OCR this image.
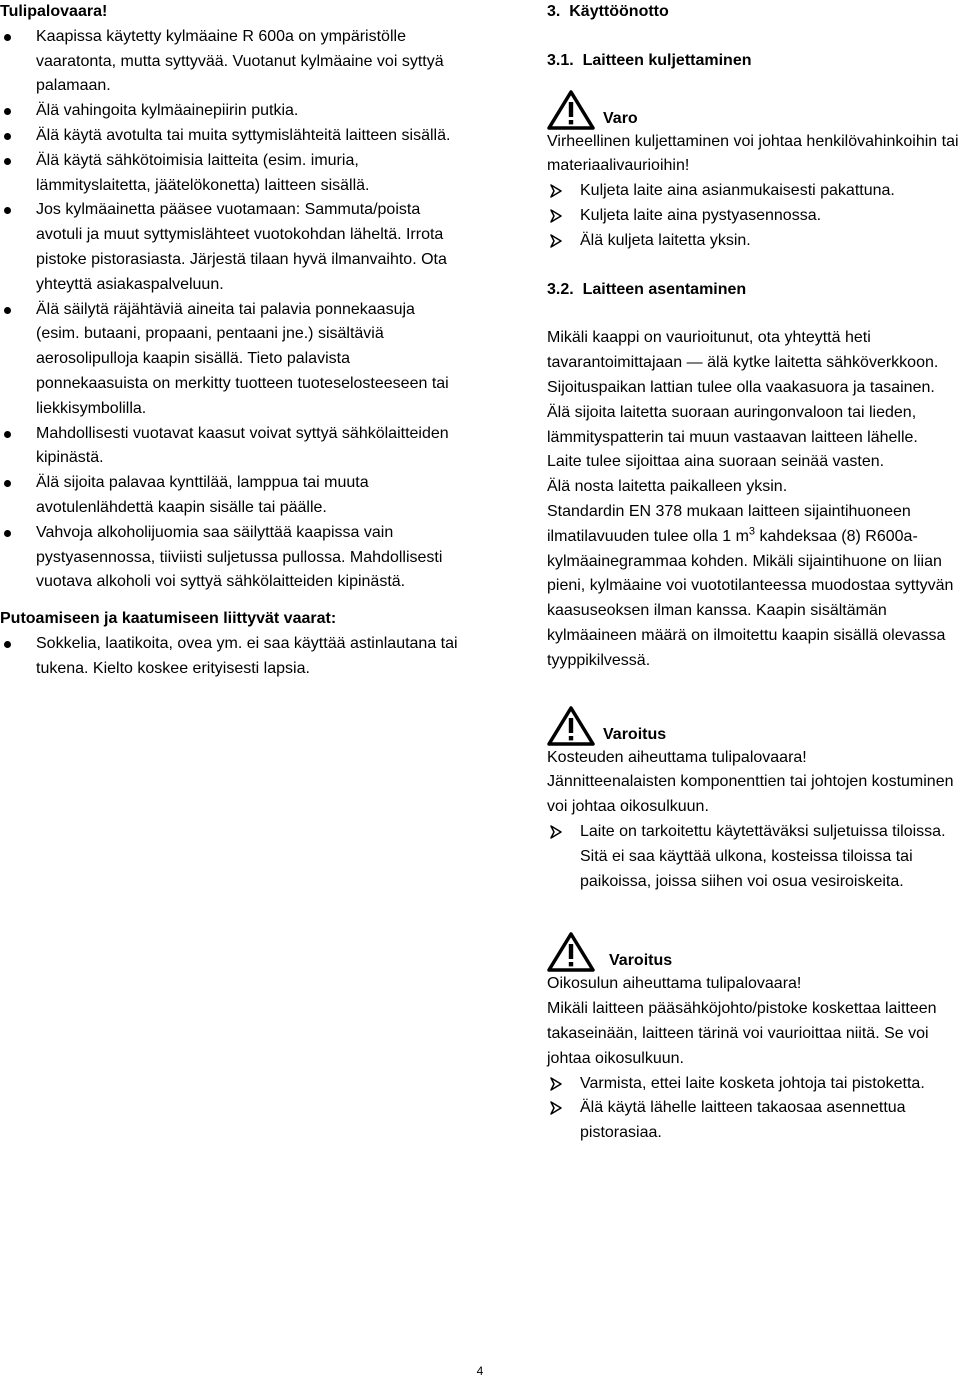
Tulipalovaara!

Kaapissa käytetty kylmäaine R 600a on ympäristölle vaaratonta, mutta syttyvää. Vuotanut kylmäaine voi syttyä palamaan.
Älä vahingoita kylmäainepiirin putkia.
Älä käytä avotulta tai muita syttymislähteitä laitteen sisällä.
Älä käytä sähkötoimisia laitteita (esim. imuria, lämmityslaitetta, jäätelökonetta) laitteen sisällä.
Jos kylmäainetta pääsee vuotamaan: Sammuta/poista avotuli ja muut syttymislähteet vuotokohdan läheltä. Irrota pistoke pistorasiasta. Järjestä tilaan hyvä ilmanvaihto. Ota yhteyttä asiakaspalveluun.
Älä säilytä räjähtäviä aineita tai palavia ponnekaasuja (esim. butaani, propaani, pentaani jne.) sisältäviä aerosolipulloja kaapin sisällä. Tieto palavista ponnekaasuista on merkitty tuotteen tuoteselosteeseen tai liekkisymbolilla.
Mahdollisesti vuotavat kaasut voivat syttyä sähkölaitteiden kipinästä.
Älä sijoita palavaa kynttilää, lamppua tai muuta avotulenlähdettä kaapin sisälle tai päälle.
Vahvoja alkoholijuomia saa säilyttää kaapissa vain pystyasennossa, tiiviisti suljetussa pullossa. Mahdollisesti vuotava alkoholi voi syttyä sähkölaitteiden kipinästä.

Putoamiseen ja kaatumiseen liittyvät vaarat:

Sokkelia, laatikoita, ovea ym. ei saa käyttää astinlautana tai tukena. Kielto koskee erityisesti lapsia.

3.  Käyttöönotto

3.1.  Laitteen kuljettaminen

Varo

Virheellinen kuljettaminen voi johtaa henkilövahinkoihin tai materiaalivaurioihin!

Kuljeta laite aina asianmukaisesti pakattuna.
Kuljeta laite aina pystyasennossa.
Älä kuljeta laitetta yksin.

3.2.  Laitteen asentaminen

Mikäli kaappi on vaurioitunut, ota yhteyttä heti tavarantoimittajaan — älä kytke laitetta sähköverkkoon.

Sijoituspaikan lattian tulee olla vaakasuora ja tasainen.

Älä sijoita laitetta suoraan auringonvaloon tai lieden, lämmityspatterin tai muun vastaavan laitteen lähelle.

Laite tulee sijoittaa aina suoraan seinää vasten.

Älä nosta laitetta paikalleen yksin.

Standardin EN 378 mukaan laitteen sijaintihuoneen ilmatilavuuden tulee olla 1 $m^3$ kahdeksaa (8) R600a-kylmäainegrammaa kohden. Mikäli sijaintihuone on liian pieni, kylmäaine voi vuototilanteessa muodostaa syttyvän kaasuseoksen ilman kanssa. Kaapin sisältämän kylmäaineen määrä on ilmoitettu kaapin sisällä olevassa tyyppikilvessä.

Varoitus

Kosteuden aiheuttama tulipalovaara!

Jännitteenalaisten komponenttien tai johtojen kostuminen voi johtaa oikosulkuun.

Laite on tarkoitettu käytettäväksi suljetuissa tiloissa. Sitä ei saa käyttää ulkona, kosteissa tiloissa tai paikoissa, joissa siihen voi osua vesiroiskeita.
Varoitus

Oikosulun aiheuttama tulipalovaara!

Mikäli laitteen pääsähköjohto/pistoke koskettaa laitteen takaseinään, laitteen tärinä voi vaurioittaa niitä. Se voi johtaa oikosulkuun.

Varmista, ettei laite kosketa johtoja tai pistoketta.
Älä käytä lähelle laitteen takaosaa asennettua pistorasiaa.
4
